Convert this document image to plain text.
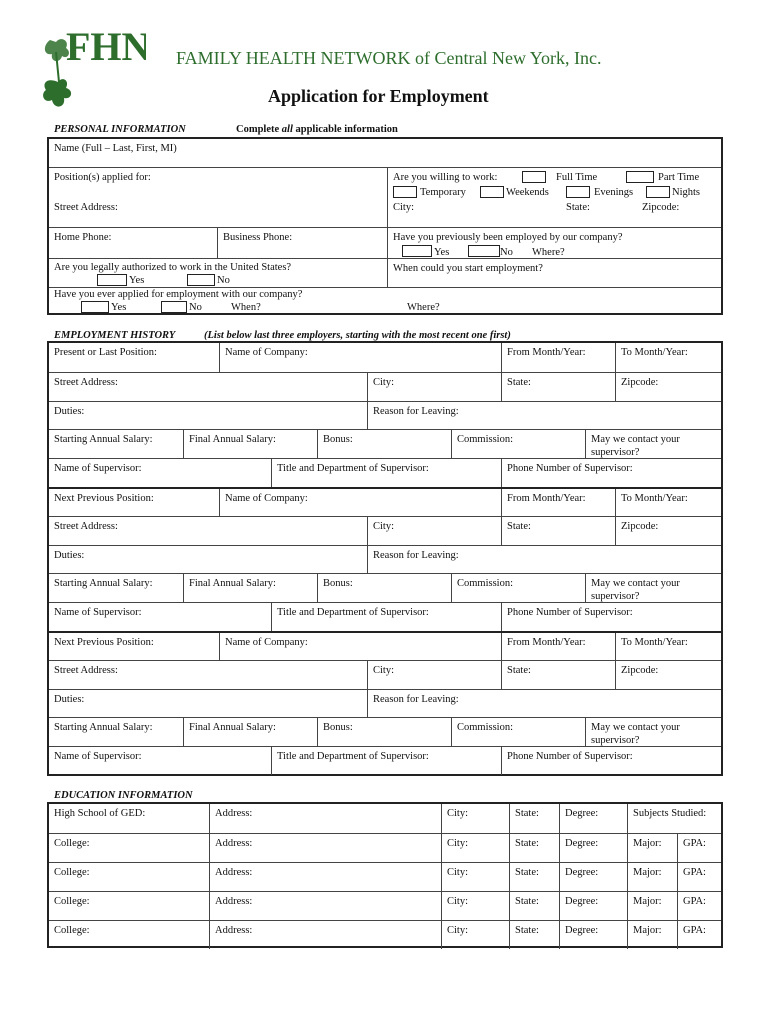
FHN FAMILY HEALTH NETWORK of Central New York, Inc.
Application for Employment
PERSONAL INFORMATION	Complete all applicable information
Name (Full – Last, First, MI)
Position(s) applied for:	Are you willing to work:	Full Time	Part Time
Temporary	Weekends	Evenings	Nights
Street Address:	City:	State:	Zipcode:
Home Phone:	Business Phone:	Have you previously been employed by our company?
Yes	No Where?
Are you legally authorized to work in the United States?
Yes	No
When could you start employment?
Have you ever applied for employment with our company?
Yes	No	When?	Where?
EMPLOYMENT HISTORY	(List below last three employers, starting with the most recent one first)
Present or Last Position:	Name of Company:	From Month/Year:	To Month/Year:
Street Address:	City:	State:	Zipcode:
Duties:	Reason for Leaving:
Starting Annual Salary:	Final Annual Salary:	Bonus:	Commission:	May we contact your supervisor?
Name of Supervisor:	Title and Department of Supervisor:	Phone Number of Supervisor:
Next Previous Position:	Name of Company:	From Month/Year:	To Month/Year:
Street Address:	City:	State:	Zipcode:
Duties:	Reason for Leaving:
Starting Annual Salary:	Final Annual Salary:	Bonus:	Commission:	May we contact your supervisor?
Name of Supervisor:	Title and Department of Supervisor:	Phone Number of Supervisor:
Next Previous Position:	Name of Company:	From Month/Year:	To Month/Year:
Street Address:	City:	State:	Zipcode:
Duties:	Reason for Leaving:
Starting Annual Salary:	Final Annual Salary:	Bonus:	Commission:	May we contact your supervisor?
Name of Supervisor:	Title and Department of Supervisor:	Phone Number of Supervisor:
EDUCATION INFORMATION
High School of GED:	Address:	City:	State:	Degree:	Subjects Studied:
College:	Address:	City:	State:	Degree:	Major:	GPA:
College:	Address:	City:	State:	Degree:	Major:	GPA:
College:	Address:	City:	State:	Degree:	Major:	GPA:
College:	Address:	City:	State:	Degree:	Major:	GPA:
